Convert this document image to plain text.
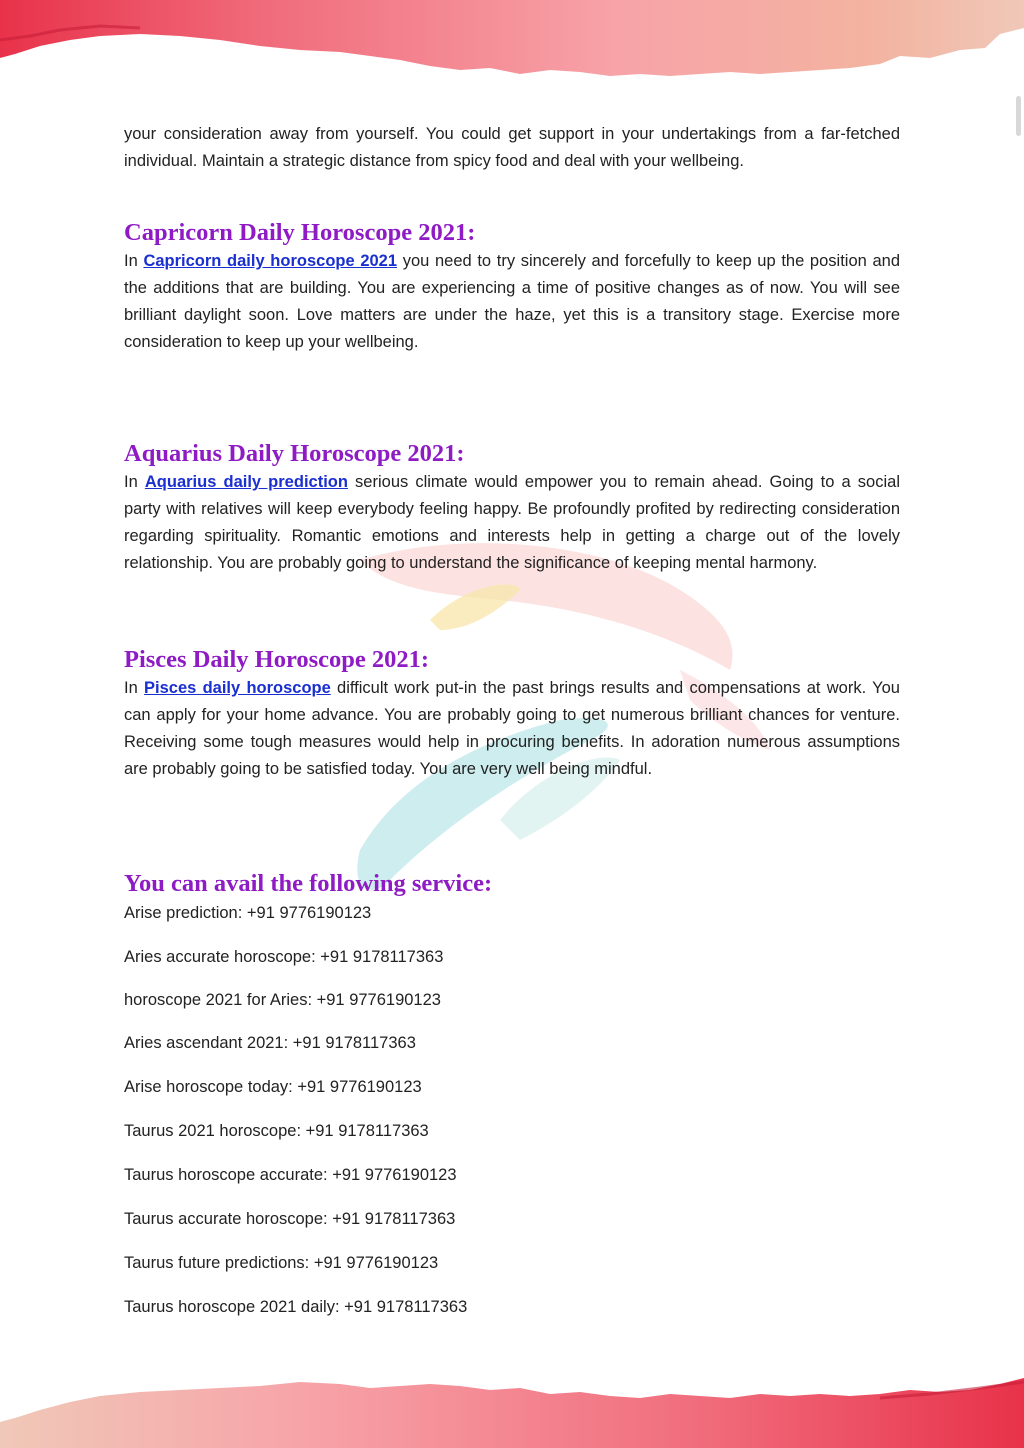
your consideration away from yourself. You could get support in your undertakings from a far-fetched individual. Maintain a strategic distance from spicy food and deal with your wellbeing.

Capricorn Daily Horoscope 2021:

In Capricorn daily horoscope 2021 you need to try sincerely and forcefully to keep up the position and the additions that are building. You are experiencing a time of positive changes as of now. You will see brilliant daylight soon. Love matters are under the haze, yet this is a transitory stage. Exercise more consideration to keep up your wellbeing.

Aquarius Daily Horoscope 2021:

In Aquarius daily prediction serious climate would empower you to remain ahead. Going to a social party with relatives will keep everybody feeling happy. Be profoundly profited by redirecting consideration regarding spirituality. Romantic emotions and interests help in getting a charge out of the lovely relationship. You are probably going to understand the significance of keeping mental harmony.

Pisces Daily Horoscope 2021:

In Pisces daily horoscope difficult work put-in the past brings results and compensations at work. You can apply for your home advance. You are probably going to get numerous brilliant chances for venture. Receiving some tough measures would help in procuring benefits. In adoration numerous assumptions are probably going to be satisfied today. You are very well being mindful.

You can avail the following service:

Arise prediction: +91 9776190123

Aries accurate horoscope: +91 9178117363

horoscope 2021 for Aries: +91 9776190123

Aries ascendant 2021: +91 9178117363

Arise horoscope today: +91 9776190123

Taurus 2021 horoscope: +91 9178117363

Taurus horoscope accurate: +91 9776190123

Taurus accurate horoscope: +91 9178117363

Taurus future predictions: +91 9776190123

Taurus horoscope 2021 daily: +91 9178117363
